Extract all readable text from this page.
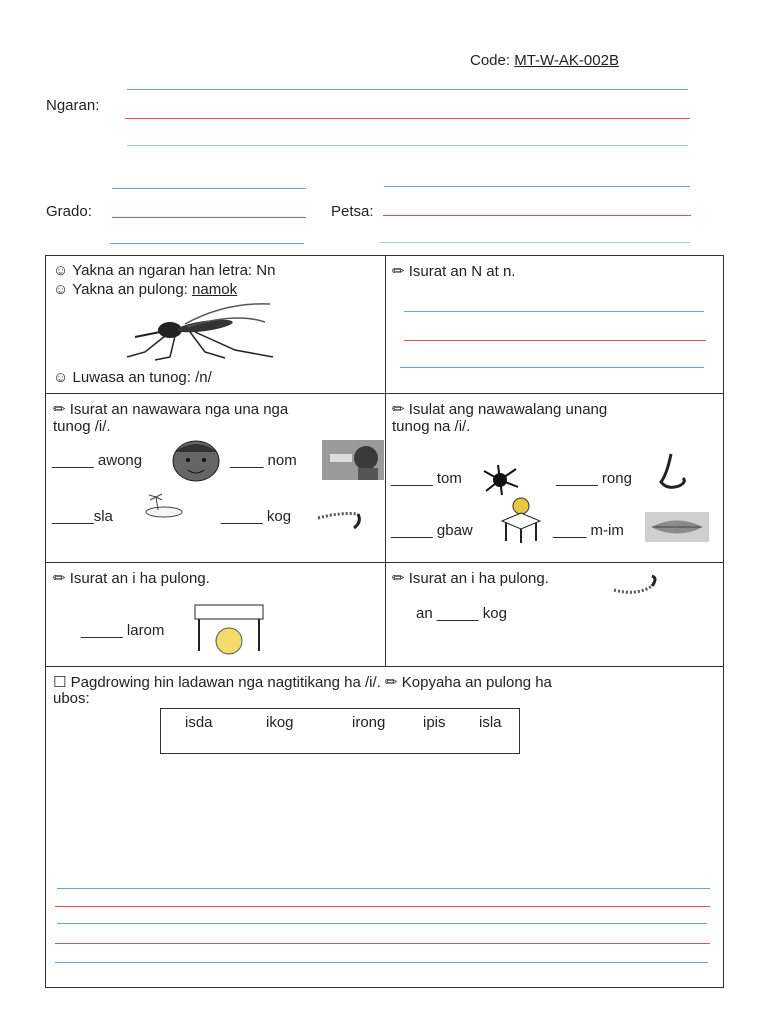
Code: MT-W-AK-002B
Ngaran:
Grado:	Petsa:
☺ Yakna an ngaran han letra: Nn
☺ Yakna an pulong: namok
☺ Luwasa an tunog: /n/
✏ Isurat an N at n.
✏ Isurat an nawawara nga una nga
tunog /i/.
_____ awong	____ nom
_____sla	_____ kog
✏ Isulat ang nawawalang unang
tunog na /i/.
_____ tom	_____ rong
_____ gbaw	____ m-im
✏ Isurat an i ha pulong.
_____ larom
✏ Isurat an i ha pulong.
an _____ kog
☐ Pagdrowing hin ladawan nga nagtitikang ha /i/. ✏ Kopyaha an pulong ha
ubos:
isda	ikog	irong	ipis isla
